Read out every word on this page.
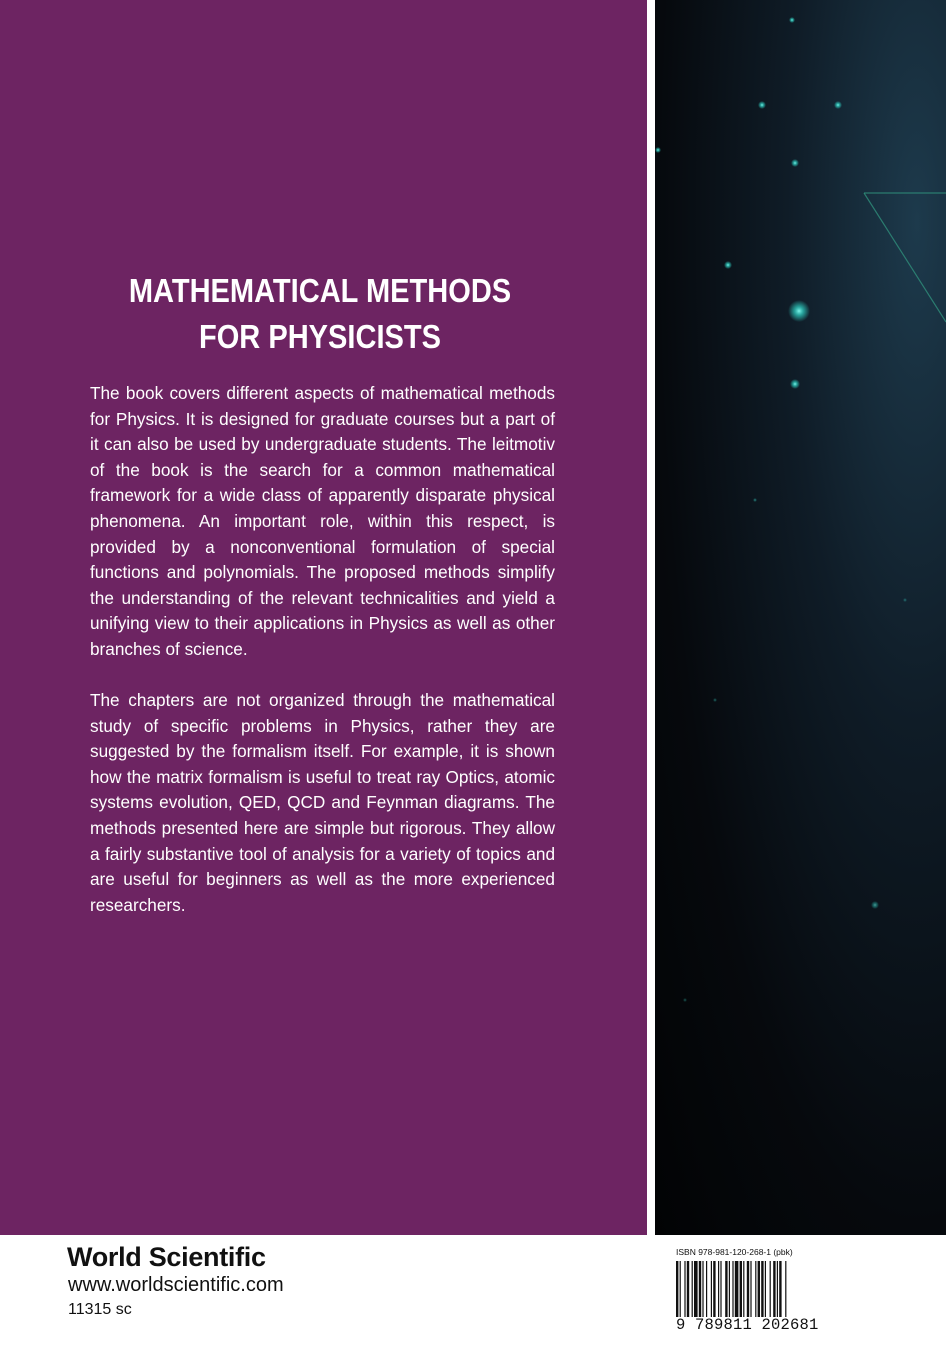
MATHEMATICAL METHODS
FOR PHYSICISTS

The book covers different aspects of mathematical methods for Physics. It is designed for graduate courses but a part of it can also be used by undergraduate students. The leitmotiv of the book is the search for a common mathematical framework for a wide class of apparently disparate physical phenomena. An important role, within this respect, is provided by a nonconventional formulation of special functions and polynomials. The proposed methods simplify the understanding of the relevant technicalities and yield a unifying view to their applications in Physics as well as other branches of science.

The chapters are not organized through the mathematical study of specific problems in Physics, rather they are suggested by the formalism itself. For example, it is shown how the matrix formalism is useful to treat ray Optics, atomic systems evolution, QED, QCD and Feynman diagrams. The methods presented here are simple but rigorous. They allow a fairly substantive tool of analysis for a variety of topics and are useful for beginners as well as the more experienced researchers.

World Scientific

www.worldscientific.com

11315 sc

ISBN 978-981-120-268-1 (pbk)

9 789811 202681
